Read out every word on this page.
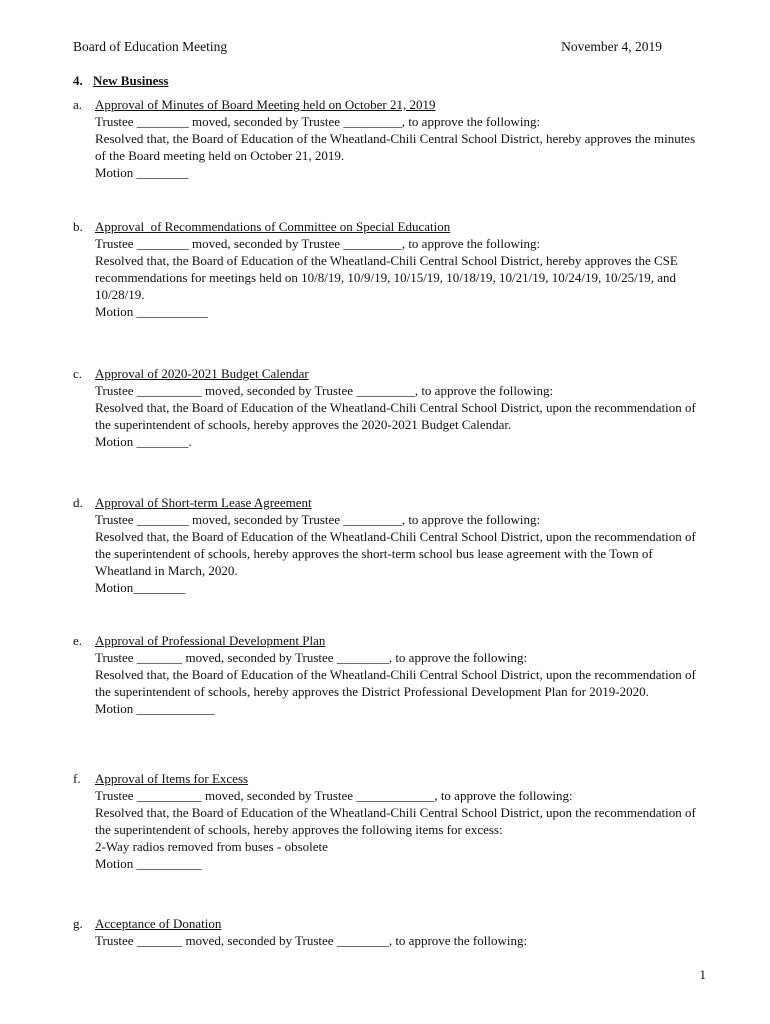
Board of Education Meeting	November 4, 2019
4. New Business
a. Approval of Minutes of Board Meeting held on October 21, 2019

Trustee ________ moved, seconded by Trustee _________, to approve the following:

Resolved that, the Board of Education of the Wheatland-Chili Central School District, hereby approves the minutes of the Board meeting held on October 21, 2019.

Motion ________

b. Approval  of Recommendations of Committee on Special Education

Trustee ________ moved, seconded by Trustee _________, to approve the following:

Resolved that, the Board of Education of the Wheatland-Chili Central School District, hereby approves the CSE recommendations for meetings held on 10/8/19, 10/9/19, 10/15/19, 10/18/19, 10/21/19, 10/24/19, 10/25/19, and 10/28/19.

Motion ___________

c. Approval of 2020-2021 Budget Calendar

Trustee __________ moved, seconded by Trustee _________, to approve the following:

Resolved that, the Board of Education of the Wheatland-Chili Central School District, upon the recommendation of the superintendent of schools, hereby approves the 2020-2021 Budget Calendar.

Motion ________.

d. Approval of Short-term Lease Agreement

Trustee ________ moved, seconded by Trustee _________, to approve the following:

Resolved that, the Board of Education of the Wheatland-Chili Central School District, upon the recommendation of the superintendent of schools, hereby approves the short-term school bus lease agreement with the Town of Wheatland in March, 2020.

Motion________

e. Approval of Professional Development Plan

Trustee _______ moved, seconded by Trustee ________, to approve the following:

Resolved that, the Board of Education of the Wheatland-Chili Central School District, upon the recommendation of the superintendent of schools, hereby approves the District Professional Development Plan for 2019-2020.

Motion ____________

f. Approval of Items for Excess

Trustee __________ moved, seconded by Trustee ____________, to approve the following:

Resolved that, the Board of Education of the Wheatland-Chili Central School District, upon the recommendation of the superintendent of schools, hereby approves the following items for excess:

2-Way radios removed from buses - obsolete

Motion __________

g. Acceptance of Donation

Trustee _______ moved, seconded by Trustee ________, to approve the following:

1
